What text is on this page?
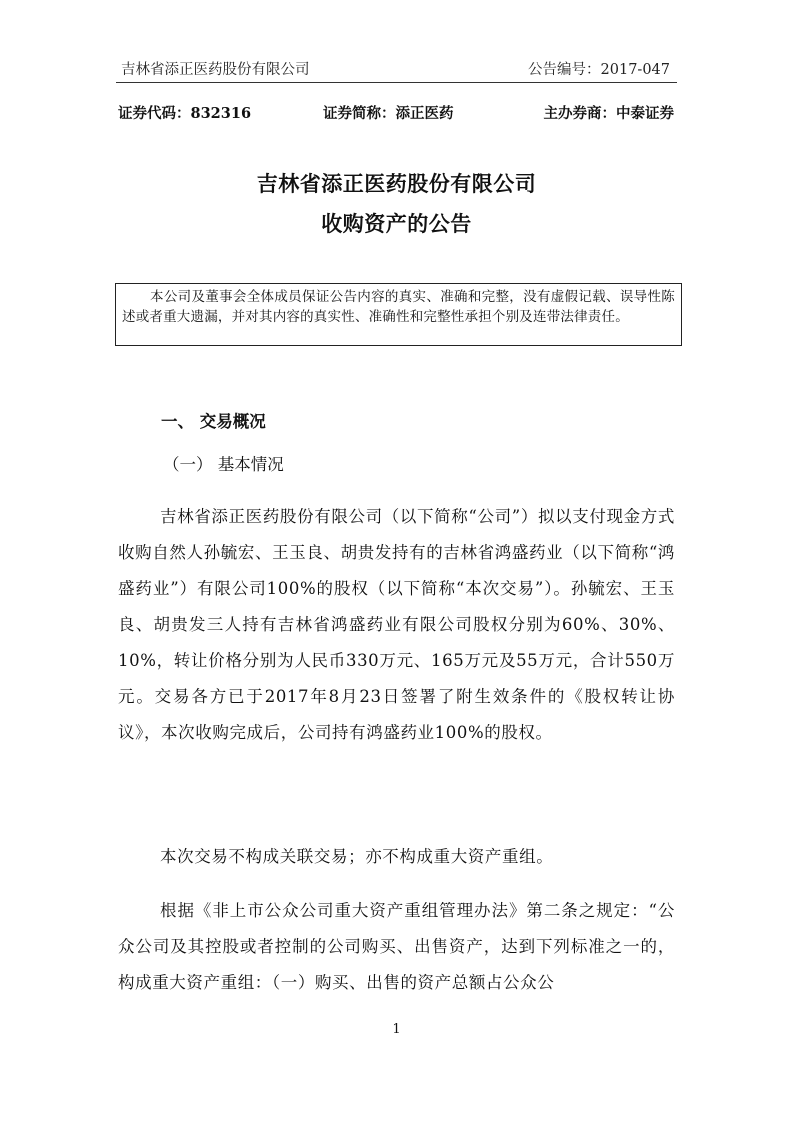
吉林省添正医药股份有限公司	公告编号：2017-047
证券代码：832316	证券简称：添正医药	主办券商：中泰证券
吉林省添正医药股份有限公司
收购资产的公告
本公司及董事会全体成员保证公告内容的真实、准确和完整，没有虚假记载、误导性陈述或者重大遗漏，并对其内容的真实性、准确性和完整性承担个别及连带法律责任。
一、 交易概况
（一） 基本情况
吉林省添正医药股份有限公司（以下简称“公司”）拟以支付现金方式收购自然人孙毓宏、王玉良、胡贵发持有的吉林省鸿盛药业（以下简称“鸿盛药业”）有限公司100%的股权（以下简称“本次交易”）。孙毓宏、王玉良、胡贵发三人持有吉林省鸿盛药业有限公司股权分别为60%、30%、10%，转让价格分别为人民币330万元、165万元及55万元，合计550万元。交易各方已于2017年8月23日签署了附生效条件的《股权转让协议》，本次收购完成后，公司持有鸿盛药业100%的股权。
本次交易不构成关联交易；亦不构成重大资产重组。
根据《非上市公众公司重大资产重组管理办法》第二条之规定：“公众公司及其控股或者控制的公司购买、出售资产，达到下列标准之一的，构成重大资产重组：（一）购买、出售的资产总额占公众公
1
